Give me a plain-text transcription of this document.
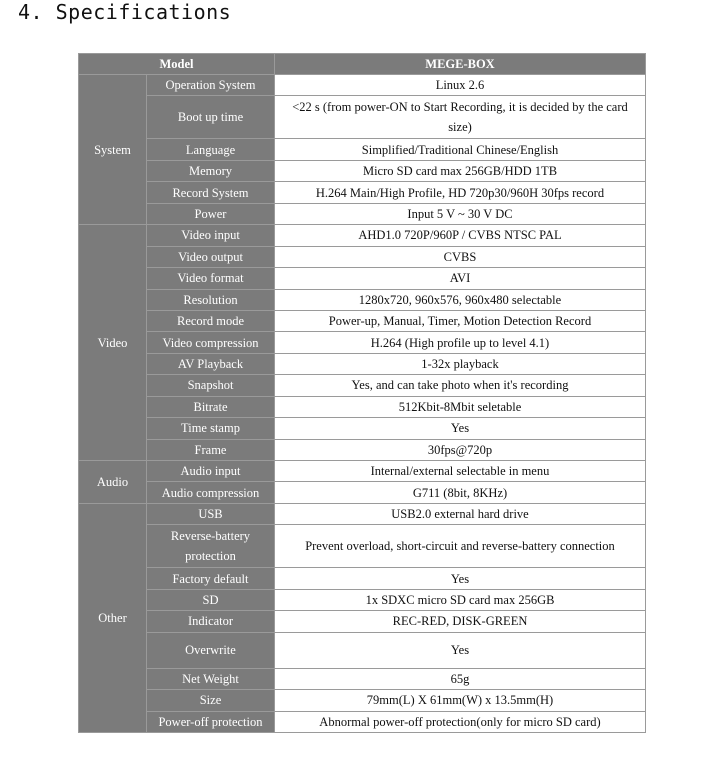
4. Specifications
Model		MEGE-BOX
System	Operation System	Linux 2.6
	Boot up time	<22 s (from power-ON to Start Recording, it is decided by the card size)
	Language	Simplified/Traditional Chinese/English
	Memory	Micro SD card max 256GB/HDD 1TB
	Record System	H.264 Main/High Profile, HD 720p30/960H 30fps record
	Power	Input 5 V ~ 30 V DC
Video	Video input	AHD1.0 720P/960P / CVBS NTSC PAL
	Video output	CVBS
	Video format	AVI
	Resolution	1280x720, 960x576, 960x480 selectable
	Record mode	Power-up, Manual, Timer, Motion Detection Record
	Video compression	H.264 (High profile up to level 4.1)
	AV Playback	1-32x playback
	Snapshot	Yes, and can take photo when it's recording
	Bitrate	512Kbit-8Mbit seletable
	Time stamp	Yes
	Frame	30fps@720p
Audio	Audio input	Internal/external selectable in menu
	Audio compression	G711 (8bit, 8KHz)
Other	USB	USB2.0 external hard drive
	Reverse-battery protection	Prevent overload, short-circuit and reverse-battery connection
	Factory default	Yes
	SD	1x SDXC micro SD card max 256GB
	Indicator	REC-RED, DISK-GREEN
	Overwrite	Yes
	Net Weight	65g
	Size	79mm(L) X 61mm(W) x 13.5mm(H)
	Power-off protection	Abnormal power-off protection(only for micro SD card)
